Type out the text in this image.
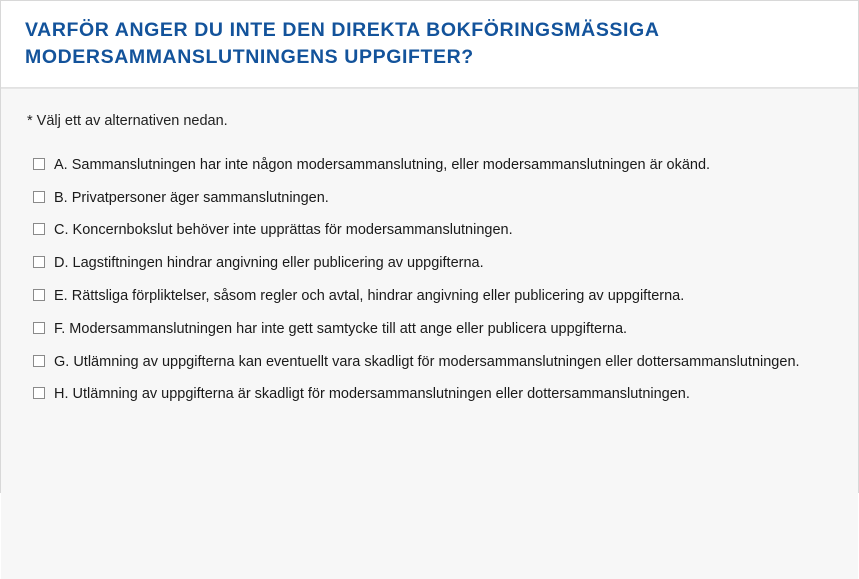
VARFÖR ANGER DU INTE DEN DIREKTA BOKFÖRINGSMÄSSIGA MODERSAMMANSLUTNINGENS UPPGIFTER?

* Välj ett av alternativen nedan.

A. Sammanslutningen har inte någon modersammanslutning, eller modersammanslutningen är okänd.
B. Privatpersoner äger sammanslutningen.
C. Koncernbokslut behöver inte upprättas för modersammanslutningen.
D. Lagstiftningen hindrar angivning eller publicering av uppgifterna.
E. Rättsliga förpliktelser, såsom regler och avtal, hindrar angivning eller publicering av uppgifterna.
F. Modersammanslutningen har inte gett samtycke till att ange eller publicera uppgifterna.
G. Utlämning av uppgifterna kan eventuellt vara skadligt för modersammanslutningen eller dottersammanslutningen.
H. Utlämning av uppgifterna är skadligt för modersammanslutningen eller dottersammanslutningen.
